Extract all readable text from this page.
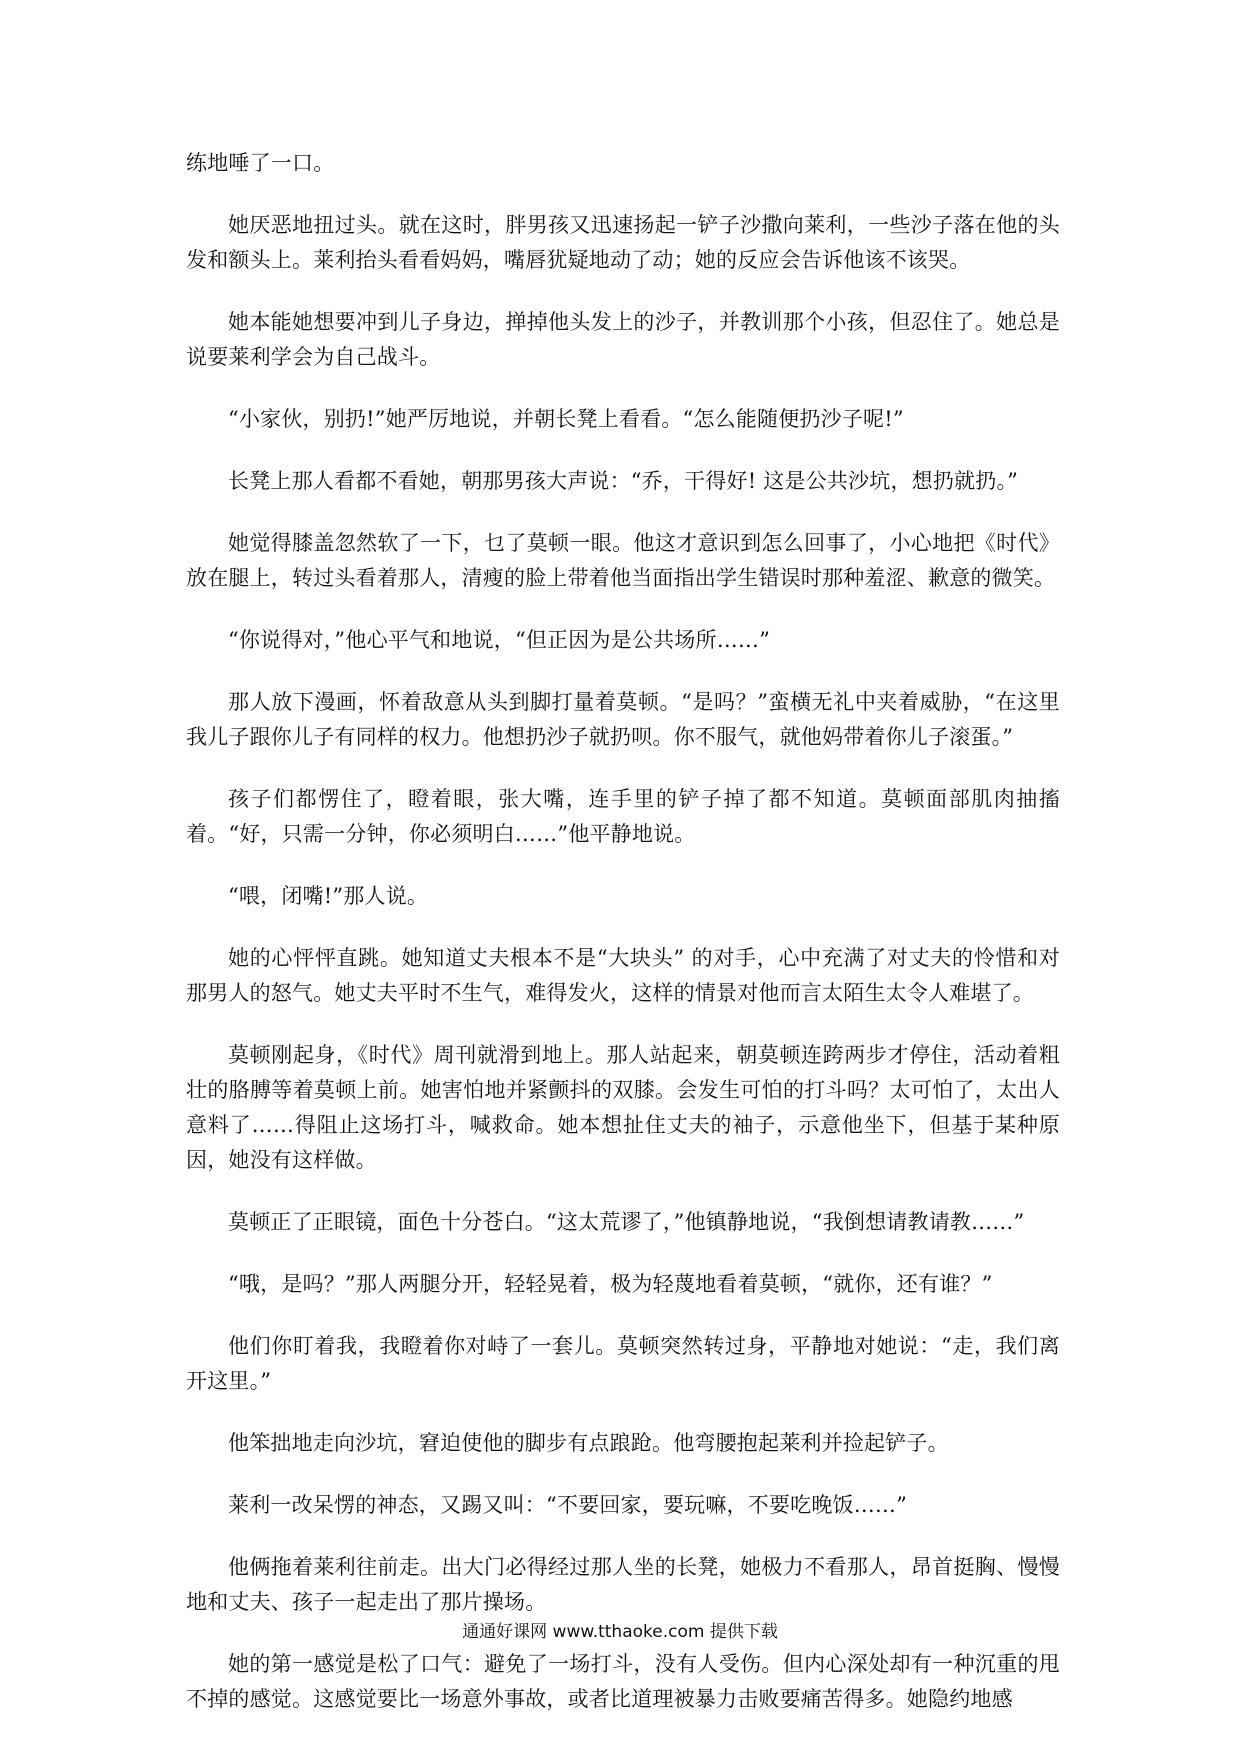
练地唾了一口。

她厌恶地扭过头。就在这时，胖男孩又迅速扬起一铲子沙撒向莱利，一些沙子落在他的头发和额头上。莱利抬头看看妈妈，嘴唇犹疑地动了动；她的反应会告诉他该不该哭。

她本能她想要冲到儿子身边，掸掉他头发上的沙子，并教训那个小孩，但忍住了。她总是说要莱利学会为自己战斗。

“小家伙，别扔!”她严厉地说，并朝长凳上看看。“怎么能随便扔沙子呢!”

长凳上那人看都不看她，朝那男孩大声说：“乔，干得好! 这是公共沙坑，想扔就扔。”

她觉得膝盖忽然软了一下，乜了莫顿一眼。他这才意识到怎么回事了，小心地把《时代》放在腿上，转过头看着那人，清瘦的脸上带着他当面指出学生错误时那种羞涩、歉意的微笑。

“你说得对，”他心平气和地说，“但正因为是公共场所……”

那人放下漫画，怀着敌意从头到脚打量着莫顿。“是吗？”蛮横无礼中夹着威胁，“在这里我儿子跟你儿子有同样的权力。他想扔沙子就扔呗。你不服气，就他妈带着你儿子滚蛋。”

孩子们都愣住了，瞪着眼，张大嘴，连手里的铲子掉了都不知道。莫顿面部肌肉抽搐着。“好，只需一分钟，你必须明白……”他平静地说。

“喂，闭嘴!”那人说。

她的心怦怦直跳。她知道丈夫根本不是“大块头” 的对手，心中充满了对丈夫的怜惜和对那男人的怒气。她丈夫平时不生气，难得发火，这样的情景对他而言太陌生太令人难堪了。

莫顿刚起身，《时代》周刊就滑到地上。那人站起来，朝莫顿连跨两步才停住，活动着粗壮的胳膊等着莫顿上前。她害怕地并紧颤抖的双膝。会发生可怕的打斗吗？太可怕了，太出人意料了……得阻止这场打斗，喊救命。她本想扯住丈夫的袖子，示意他坐下，但基于某种原因，她没有这样做。

莫顿正了正眼镜，面色十分苍白。“这太荒谬了，”他镇静地说，“我倒想请教请教……”

“哦，是吗？”那人两腿分开，轻轻晃着，极为轻蔑地看着莫顿，“就你，还有谁？”

他们你盯着我，我瞪着你对峙了一套儿。莫顿突然转过身，平静地对她说：“走，我们离开这里。”

他笨拙地走向沙坑，窘迫使他的脚步有点踉跄。他弯腰抱起莱利并捡起铲子。

莱利一改呆愣的神态，又踢又叫：“不要回家，要玩嘛，不要吃晚饭……”

他俩拖着莱利往前走。出大门必得经过那人坐的长凳，她极力不看那人，昂首挺胸、慢慢地和丈夫、孩子一起走出了那片操场。

她的第一感觉是松了口气：避免了一场打斗，没有人受伤。但内心深处却有一种沉重的甩不掉的感觉。这感觉要比一场意外事故，或者比道理被暴力击败要痛苦得多。她隐约地感

通通好课网 www.tthaoke.com 提供下载
